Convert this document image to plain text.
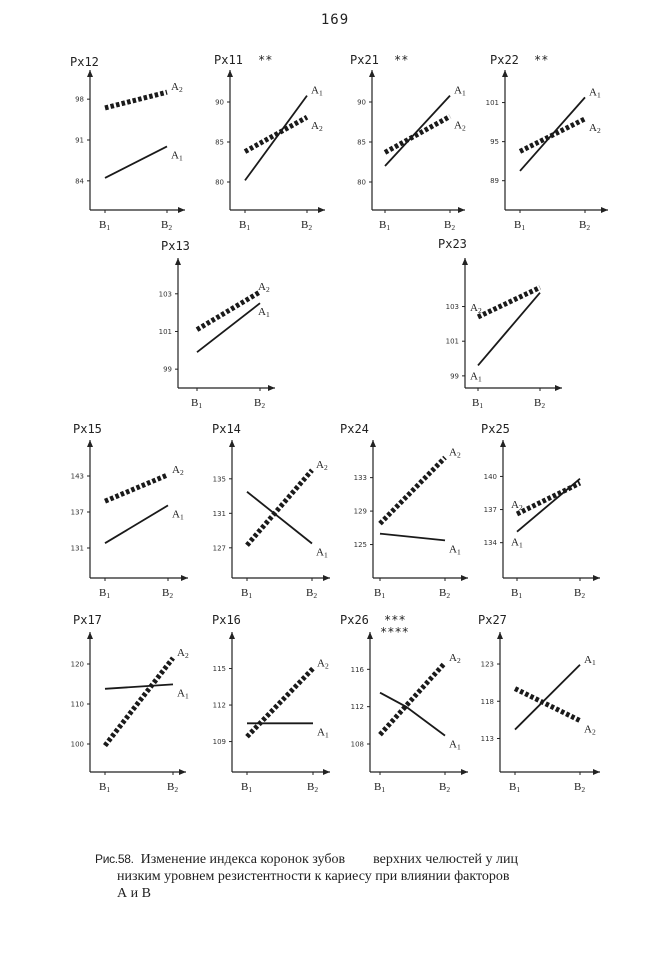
169
Px12
84
91
98
B1	B2
A1
A2
Px11 **
80
85
90
B1	B2
A1
A2
Px21 **
80
85
90
B1	B2
A1
A2
Px22 **
89
95
101
B1	B2
A1
A2
Px13
99
101
103
B1	B2
A1
A2
Px23
99
101
103
B1	B2
A1
A2
Px15
131
137
143
B1	B2
A1
A2
Px14
127
131
135
B1	B2
A1
A2
Px24
125
129
133
B1	B2
A1
A2
Px25
134
137
140
B1	B2
A1
A2
Px17
100
110
120
B1	B2
A1
A2
Px16
109
112
115
B1	B2
A1
A2
Px26 ***
****
108
112
116
B1	B2
A1
A2
Px27
113
118
123
B1	B2
A1
A2
Рис.58. Изменение индекса коронок зубов        верхних челюстей у лиц
низким уровнем резистентности к кариесу при влиянии факторов
А и В
